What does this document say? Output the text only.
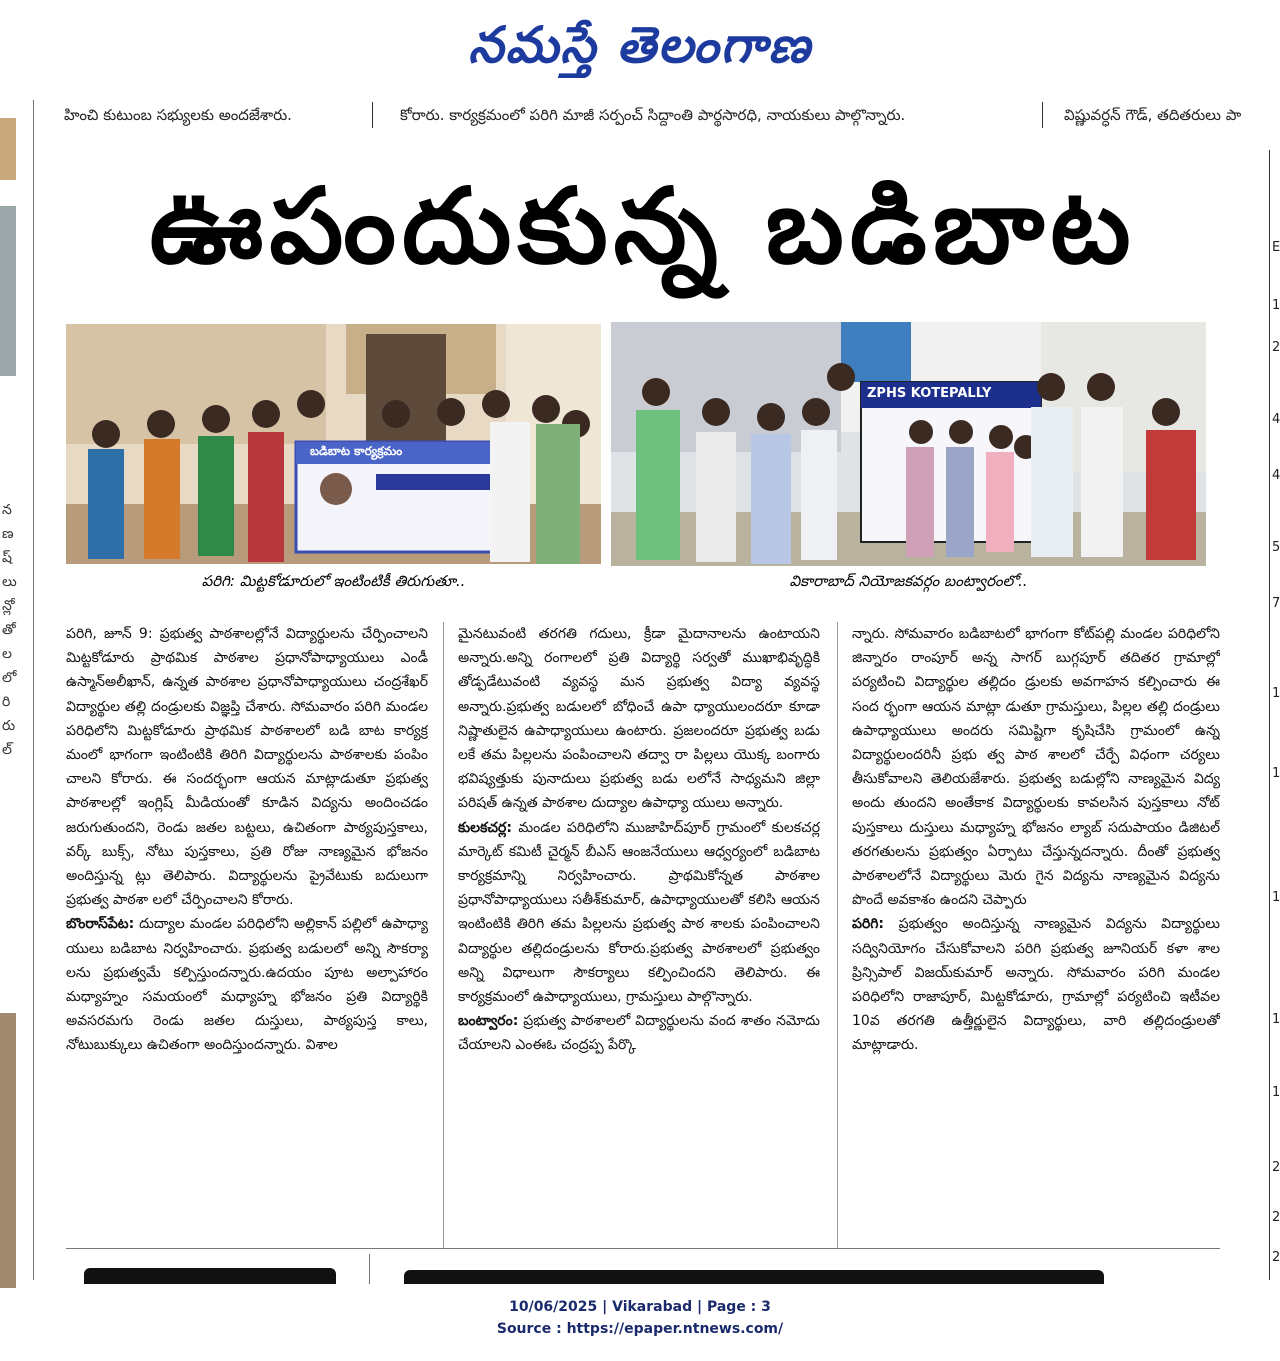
నమస్తే తెలంగాణ
హించి కుటుంబ సభ్యులకు అందజేశారు.	కోరారు. కార్యక్రమంలో పరిగి మాజీ సర్పంచ్ సిద్దాంతి పార్థసారధి, నాయకులు పాల్గొన్నారు.	విష్ణువర్ధన్ గౌడ్, తదితరులు పా
న
ణ
ష్
లు
న్లో
తో
ల
లో
రి
రు
ల్
E
1
2
4
4
5
7
1
1
1
1
1
2
2
2
ఊపందుకున్న బడిబాట
బడిబాట కార్యక్రమం
ZPHS KOTEPALLY
పరిగి: మిట్టకోడూరులో ఇంటింటికీ తిరుగుతూ..	వికారాబాద్ నియోజకవర్గం బంట్వారంలో..

పరిగి, జూన్ 9: ప్రభుత్వ పాఠశాలల్లోనే విద్యార్థులను చేర్పించాలని మిట్టకోడూరు ప్రాథమిక పాఠశాల ప్రధానోపాధ్యాయులు ఎండీ ఉస్మాన్‌అలీఖాన్, ఉన్నత పాఠశాల ప్రధానోపాధ్యాయులు చంద్రశేఖర్ విద్యార్థుల తల్లి దండ్రులకు విజ్ఞప్తి చేశారు. సోమవారం పరిగి మండల పరిధిలోని మిట్టకోడూరు ప్రాథమిక పాఠశాలలో బడి బాట కార్యక్ర మంలో భాగంగా ఇంటింటికి తిరిగి విద్యార్థులను పాఠశాలకు పంపిం చాలని కోరారు. ఈ సందర్భంగా ఆయన మాట్లాడుతూ ప్రభుత్వ పాఠశాలల్లో ఇంగ్లిష్ మీడియంతో కూడిన విద్యను అందించడం జరుగుతుందని, రెండు జతల బట్టలు, ఉచితంగా పాఠ్యపుస్తకాలు, వర్క్ బుక్స్, నోటు పుస్తకాలు, ప్రతి రోజు నాణ్యమైన భోజనం అందిస్తున్న ట్లు తెలిపారు. విద్యార్థులను ప్రైవేటుకు బదులుగా ప్రభుత్వ పాఠశా లలో చేర్పించాలని కోరారు.

బొంరాస్‌పేట: దుద్యాల మండల పరిధిలోని అల్లికాన్ పల్లిలో ఉపాధ్యా యులు బడిబాట నిర్వహించారు. ప్రభుత్వ బడులలో అన్ని సౌకర్యా లను ప్రభుత్వమే కల్పిస్తుందన్నారు.ఉదయం పూట అల్పాహారం మధ్యాహ్నం సమయంలో మధ్యాహ్న భోజనం ప్రతి విద్యార్థికి అవసరమగు రెండు జతల దుస్తులు, పాఠ్యపుస్త కాలు, నోటుబుక్కులు ఉచితంగా అందిస్తుందన్నారు. విశాల

మైనటువంటి తరగతి గదులు, క్రీడా మైదానాలను ఉంటాయని అన్నారు.అన్ని రంగాలలో ప్రతి విద్యార్థి సర్వతో ముఖాభివృద్ధికి తోడ్పడేటువంటి వ్యవస్థ మన ప్రభుత్వ విద్యా వ్యవస్థ అన్నారు.ప్రభుత్వ బడులలో బోధించే ఉపా ధ్యాయులందరూ కూడా నిష్ణాతులైన ఉపాధ్యాయులు ఉంటారు. ప్రజలందరూ ప్రభుత్వ బడు లకే తమ పిల్లలను పంపించాలని తద్వా రా పిల్లలు యొక్క బంగారు భవిష్యత్తుకు పునాదులు ప్రభుత్వ బడు లలోనే సాధ్యమని జిల్లా పరిషత్ ఉన్నత పాఠశాల దుద్యాల ఉపాధ్యా యులు అన్నారు.

కులకచర్ల: మండల పరిధిలోని ముజాహిద్‌పూర్ గ్రామంలో కులకచర్ల మార్కెట్ కమిటీ చైర్మన్ బీఎస్ ఆంజనేయులు ఆధ్వర్యంలో బడిబాట కార్యక్రమాన్ని నిర్వహించారు. ప్రాథమికోన్నత పాఠశాల ప్రధానోపాధ్యాయులు సతీశ్‌కుమార్, ఉపాధ్యాయులతో కలిసి ఆయన ఇంటింటికి తిరిగి తమ పిల్లలను ప్రభుత్వ పాఠ శాలకు పంపించాలని విద్యార్థుల తల్లిదండ్రులను కోరారు.ప్రభుత్వ పాఠశాలలో ప్రభుత్వం అన్ని విధాలుగా సౌకర్యాలు కల్పించిందని తెలిపారు. ఈ కార్యక్రమంలో ఉపాధ్యాయులు, గ్రామస్తులు పాల్గొన్నారు.

బంట్వారం: ప్రభుత్వ పాఠశాలలో విద్యార్థులను వంద శాతం నమోదు చేయాలని ఎంఈఓ చంద్రప్ప పేర్కొ

న్నారు. సోమవారం బడిబాటలో భాగంగా కోట్‌పల్లి మండల పరిధిలోని జిన్నారం రాంపూర్ అన్న సాగర్ బుగ్గపూర్ తదితర గ్రామాల్లో పర్యటించి విద్యార్థుల తల్లిదం డ్రులకు అవగాహన కల్పించారు ఈ సంద ర్భంగా ఆయన మాట్లా డుతూ గ్రామస్తులు, పిల్లల తల్లి దండ్రులు ఉపాధ్యాయులు అందరు సమిష్టిగా కృషిచేసి గ్రామంలో ఉన్న విద్యార్థులందరినీ ప్రభు త్వ పాఠ శాలలో చేర్పే విధంగా చర్యలు తీసుకోవాలని తెలియజేశారు. ప్రభుత్వ బడుల్లోని నాణ్యమైన విద్య అందు తుందని అంతేకాక విద్యార్థులకు కావలసిన పుస్తకాలు నోట్ పుస్తకాలు దుస్తులు మధ్యాహ్న భోజనం ల్యాబ్ సదుపాయం డిజిటల్ తరగతులను ప్రభుత్వం ఏర్పాటు చేస్తున్నదన్నారు. దీంతో ప్రభుత్వ పాఠశాలలోనే విద్యార్థులు మెరు గైన విద్యను నాణ్యమైన విద్యను పొందే అవకాశం ఉందని చెప్పారు

పరిగి: ప్రభుత్వం అందిస్తున్న నాణ్యమైన విద్యను విద్యార్థులు సద్వినియోగం చేసుకోవాలని పరిగి ప్రభుత్వ జూనియర్ కళా శాల ప్రిన్సిపాల్ విజయ్‌కుమార్ అన్నారు. సోమవారం పరిగి మండల పరిధిలోని రాజాపూర్, మిట్టకోడూరు, గ్రామాల్లో పర్యటించి ఇటీవల 10వ తరగతి ఉత్తీర్ణులైన విద్యార్థులు, వారి తల్లిదండ్రులతో మాట్లాడారు.

10/06/2025 | Vikarabad | Page : 3
Source : https://epaper.ntnews.com/
